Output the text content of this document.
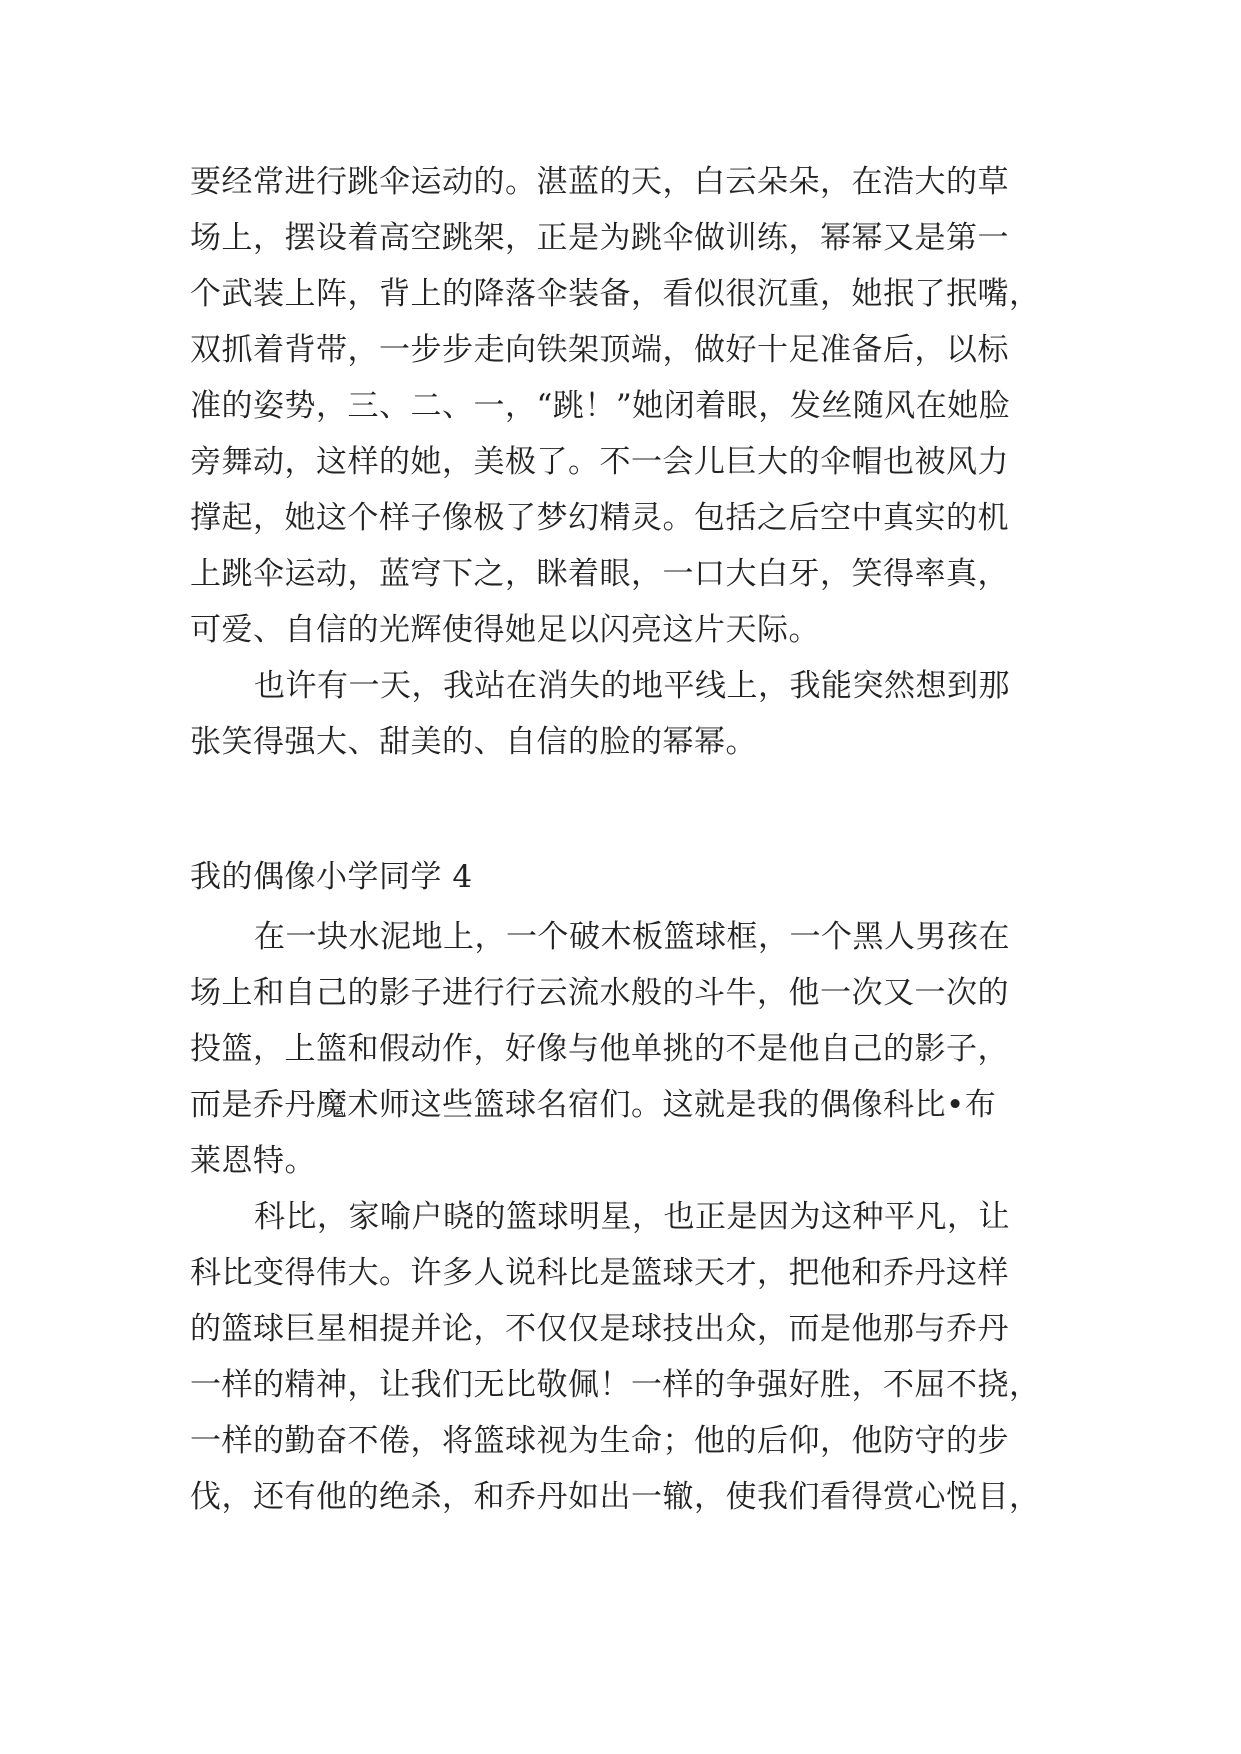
要经常进行跳伞运动的。湛蓝的天，白云朵朵，在浩大的草
场上，摆设着高空跳架，正是为跳伞做训练，幂幂又是第一
个武装上阵，背上的降落伞装备，看似很沉重，她抿了抿嘴，
双抓着背带，一步步走向铁架顶端，做好十足准备后，以标
准的姿势，三、二、一，“跳！”她闭着眼，发丝随风在她脸
旁舞动，这样的她，美极了。不一会儿巨大的伞帽也被风力
撑起，她这个样子像极了梦幻精灵。包括之后空中真实的机
上跳伞运动，蓝穹下之，眯着眼，一口大白牙，笑得率真，
可爱、自信的光辉使得她足以闪亮这片天际。
也许有一天，我站在消失的地平线上，我能突然想到那
张笑得强大、甜美的、自信的脸的幂幂。
我的偶像小学同学 4
在一块水泥地上，一个破木板篮球框，一个黑人男孩在
场上和自己的影子进行行云流水般的斗牛，他一次又一次的
投篮，上篮和假动作，好像与他单挑的不是他自己的影子，
而是乔丹魔术师这些篮球名宿们。这就是我的偶像科比•布
莱恩特。
科比，家喻户晓的篮球明星，也正是因为这种平凡，让
科比变得伟大。许多人说科比是篮球天才，把他和乔丹这样
的篮球巨星相提并论，不仅仅是球技出众，而是他那与乔丹
一样的精神，让我们无比敬佩！一样的争强好胜，不屈不挠，
一样的勤奋不倦，将篮球视为生命；他的后仰，他防守的步
伐，还有他的绝杀，和乔丹如出一辙，使我们看得赏心悦目，
